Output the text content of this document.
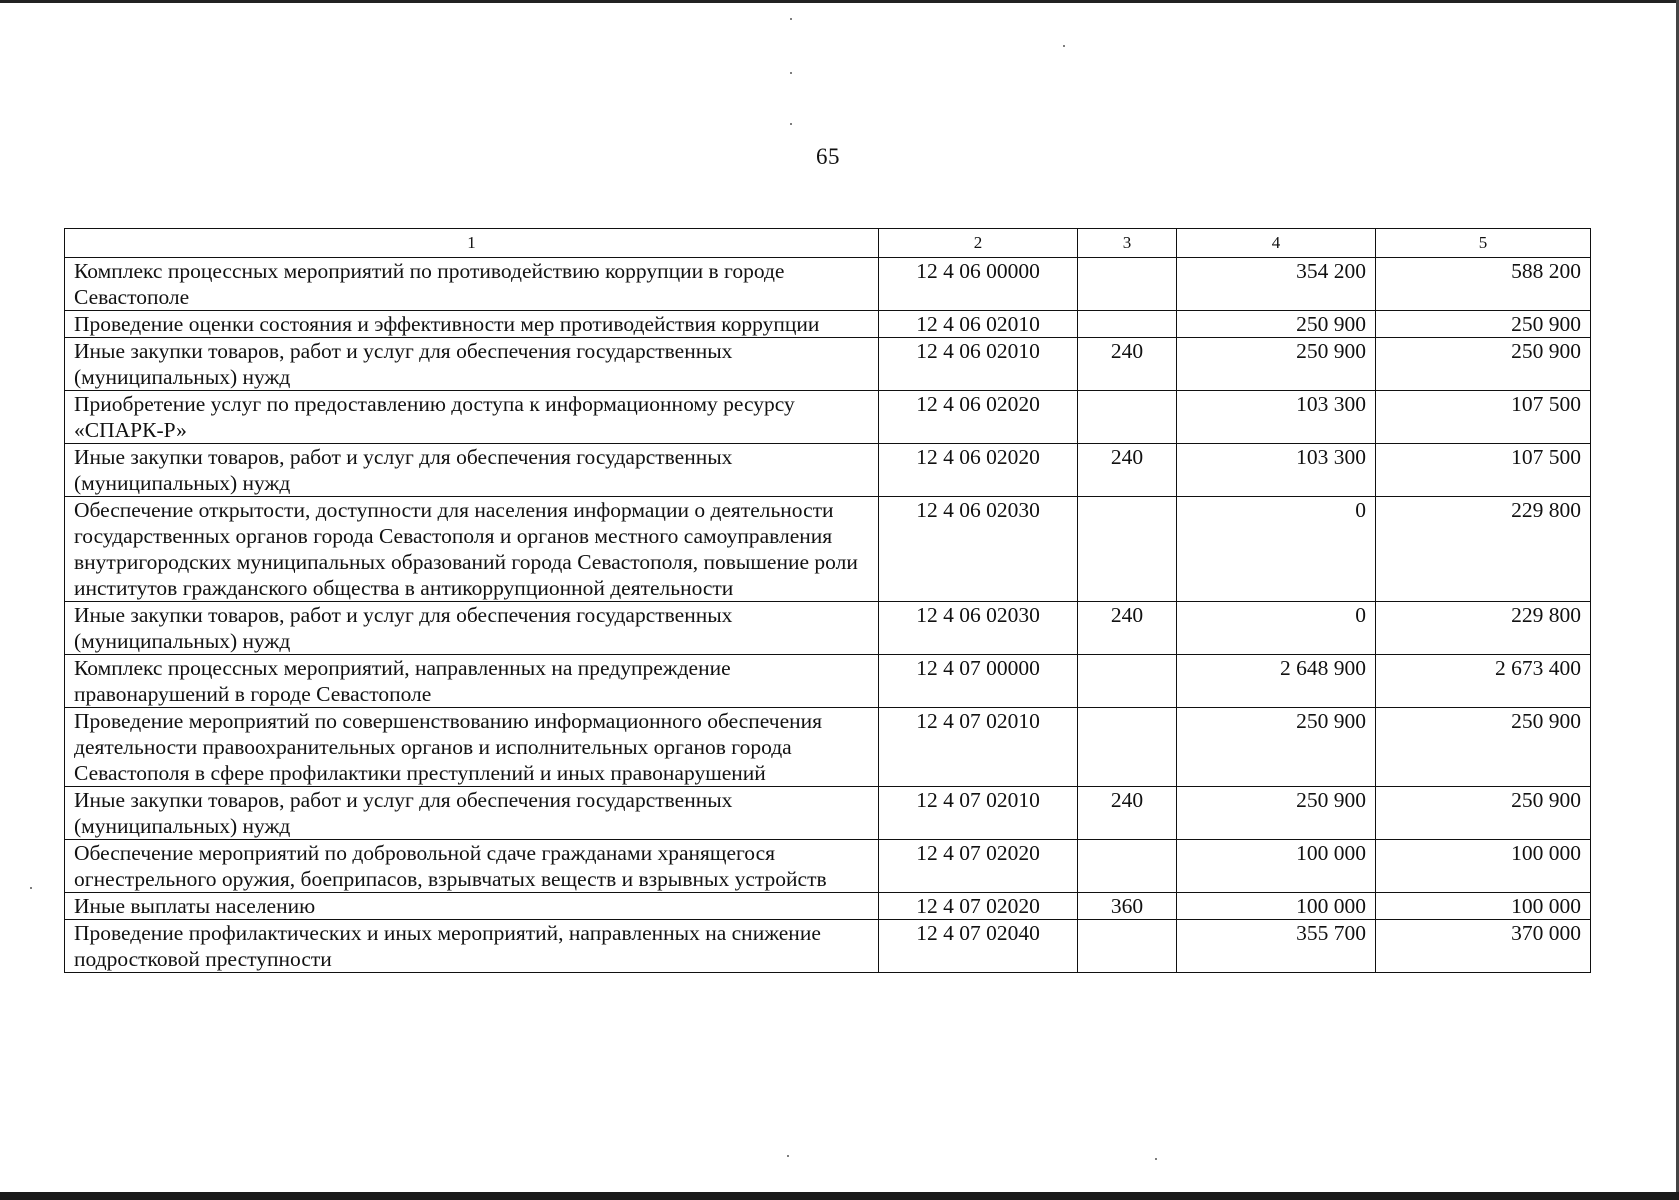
65
1	2	3	4	5
Комплекс процессных мероприятий по противодействию коррупции в городе Севастополе	12 4 06 00000		354 200	588 200
Проведение оценки состояния и эффективности мер противодействия коррупции	12 4 06 02010		250 900	250 900
Иные закупки товаров, работ и услуг для обеспечения государственных (муниципальных) нужд	12 4 06 02010	240	250 900	250 900
Приобретение услуг по предоставлению доступа к информационному ресурсу «СПАРК-Р»	12 4 06 02020		103 300	107 500
Иные закупки товаров, работ и услуг для обеспечения государственных (муниципальных) нужд	12 4 06 02020	240	103 300	107 500
Обеспечение открытости, доступности для населения информации о деятельности государственных органов города Севастополя и органов местного самоуправления внутригородских муниципальных образований города Севастополя, повышение роли институтов гражданского общества в антикоррупционной деятельности	12 4 06 02030		0	229 800
Иные закупки товаров, работ и услуг для обеспечения государственных (муниципальных) нужд	12 4 06 02030	240	0	229 800
Комплекс процессных мероприятий, направленных на предупреждение правонарушений в городе Севастополе	12 4 07 00000		2 648 900	2 673 400
Проведение мероприятий по совершенствованию информационного обеспечения деятельности правоохранительных органов и исполнительных органов города Севастополя в сфере профилактики преступлений и иных правонарушений	12 4 07 02010		250 900	250 900
Иные закупки товаров, работ и услуг для обеспечения государственных (муниципальных) нужд	12 4 07 02010	240	250 900	250 900
Обеспечение мероприятий по добровольной сдаче гражданами хранящегося огнестрельного оружия, боеприпасов, взрывчатых веществ и взрывных устройств	12 4 07 02020		100 000	100 000
Иные выплаты населению	12 4 07 02020	360	100 000	100 000
Проведение профилактических и иных мероприятий, направленных на снижение подростковой преступности	12 4 07 02040		355 700	370 000
